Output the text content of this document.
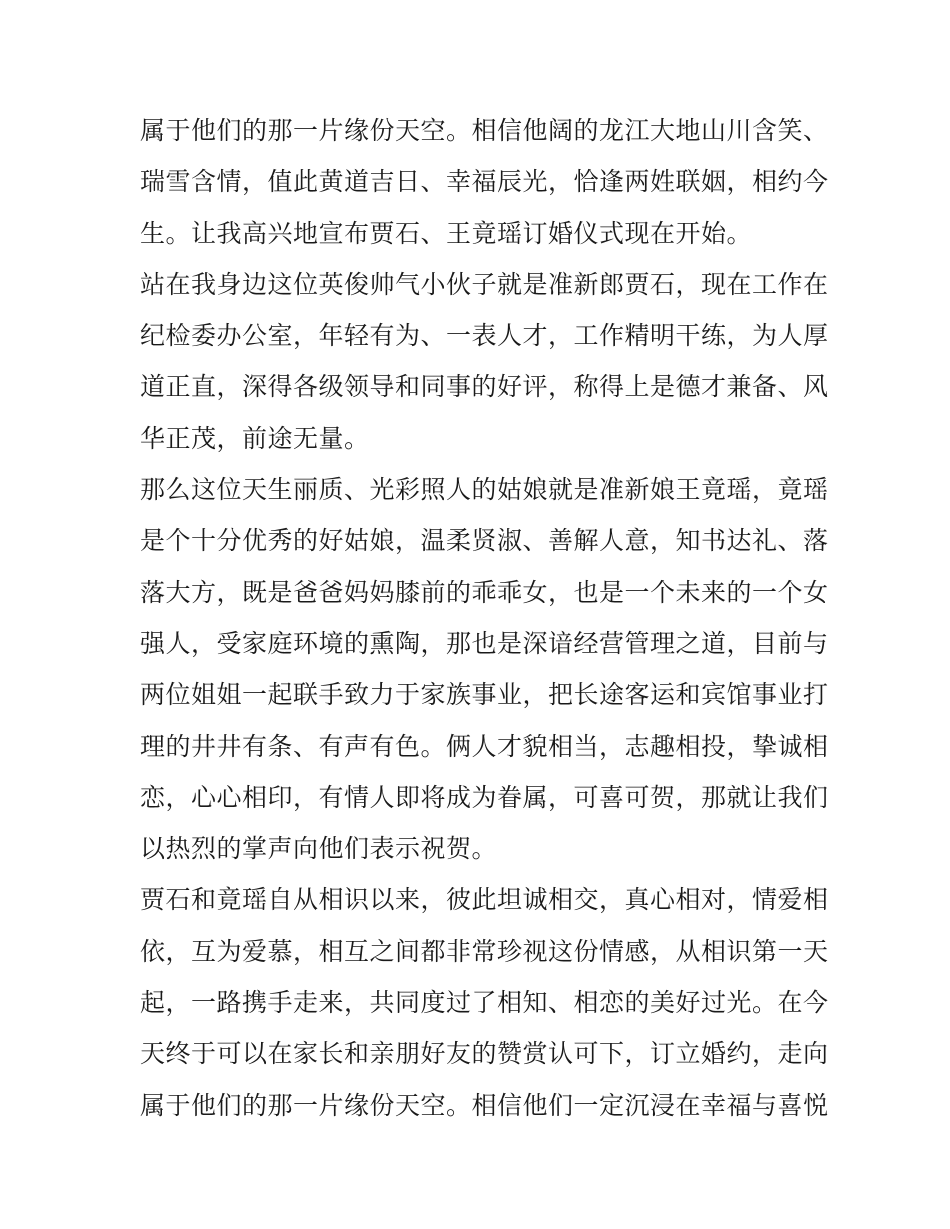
属于他们的那一片缘份天空。相信他阔的龙江大地山川含笑、
瑞雪含情，值此黄道吉日、幸福辰光，恰逢两姓联姻，相约今
生。让我高兴地宣布贾石、王竟瑶订婚仪式现在开始。

站在我身边这位英俊帅气小伙子就是准新郎贾石，现在工作在
纪检委办公室，年轻有为、一表人才，工作精明干练，为人厚
道正直，深得各级领导和同事的好评，称得上是德才兼备、风
华正茂，前途无量。

那么这位天生丽质、光彩照人的姑娘就是准新娘王竟瑶，竟瑶
是个十分优秀的好姑娘，温柔贤淑、善解人意，知书达礼、落
落大方，既是爸爸妈妈膝前的乖乖女，也是一个未来的一个女
强人，受家庭环境的熏陶，那也是深谙经营管理之道，目前与
两位姐姐一起联手致力于家族事业，把长途客运和宾馆事业打
理的井井有条、有声有色。俩人才貌相当，志趣相投，挚诚相
恋，心心相印，有情人即将成为眷属，可喜可贺，那就让我们
以热烈的掌声向他们表示祝贺。

贾石和竟瑶自从相识以来，彼此坦诚相交，真心相对，情爱相
依，互为爱慕，相互之间都非常珍视这份情感，从相识第一天
起，一路携手走来，共同度过了相知、相恋的美好过光。在今
天终于可以在家长和亲朋好友的赞赏认可下，订立婚约，走向
属于他们的那一片缘份天空。相信他们一定沉浸在幸福与喜悦
